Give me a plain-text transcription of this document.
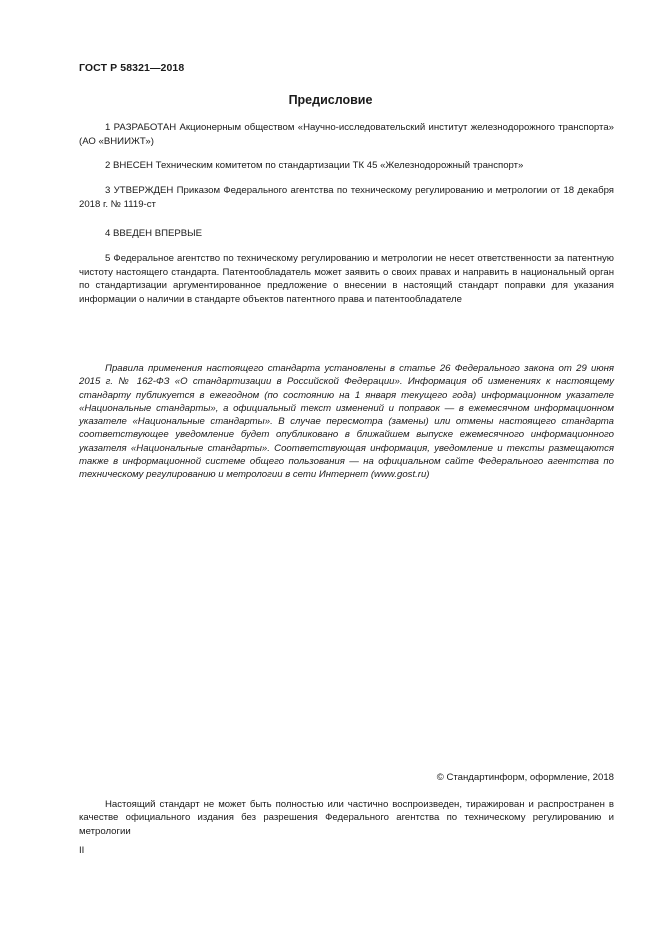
ГОСТ Р 58321—2018
Предисловие

1 РАЗРАБОТАН Акционерным обществом «Научно-исследовательский институт железнодорожного транспорта» (АО «ВНИИЖТ»)

2 ВНЕСЕН Техническим комитетом по стандартизации ТК 45 «Железнодорожный транспорт»

3 УТВЕРЖДЕН Приказом Федерального агентства по техническому регулированию и метрологии от 18 декабря 2018 г. № 1119-ст

4 ВВЕДЕН ВПЕРВЫЕ

5 Федеральное агентство по техническому регулированию и метрологии не несет ответственности за патентную чистоту настоящего стандарта. Патентообладатель может заявить о своих правах и направить в национальный орган по стандартизации аргументированное предложение о внесении в настоящий стандарт поправки для указания информации о наличии в стандарте объектов патентного права и патентообладателе

Правила применения настоящего стандарта установлены в статье 26 Федерального закона от 29 июня 2015 г. № 162-ФЗ «О стандартизации в Российской Федерации». Информация об изменениях к настоящему стандарту публикуется в ежегодном (по состоянию на 1 января текущего года) информационном указателе «Национальные стандарты», а официальный текст изменений и поправок — в ежемесячном информационном указателе «Национальные стандарты». В случае пересмотра (замены) или отмены настоящего стандарта соответствующее уведомление будет опубликовано в ближайшем выпуске ежемесячного информационного указателя «Национальные стандарты». Соответствующая информация, уведомление и тексты размещаются также в информационной системе общего пользования — на официальном сайте Федерального агентства по техническому регулированию и метрологии в сети Интернет (www.gost.ru)

© Стандартинформ, оформление, 2018

Настоящий стандарт не может быть полностью или частично воспроизведен, тиражирован и распространен в качестве официального издания без разрешения Федерального агентства по техническому регулированию и метрологии

II
